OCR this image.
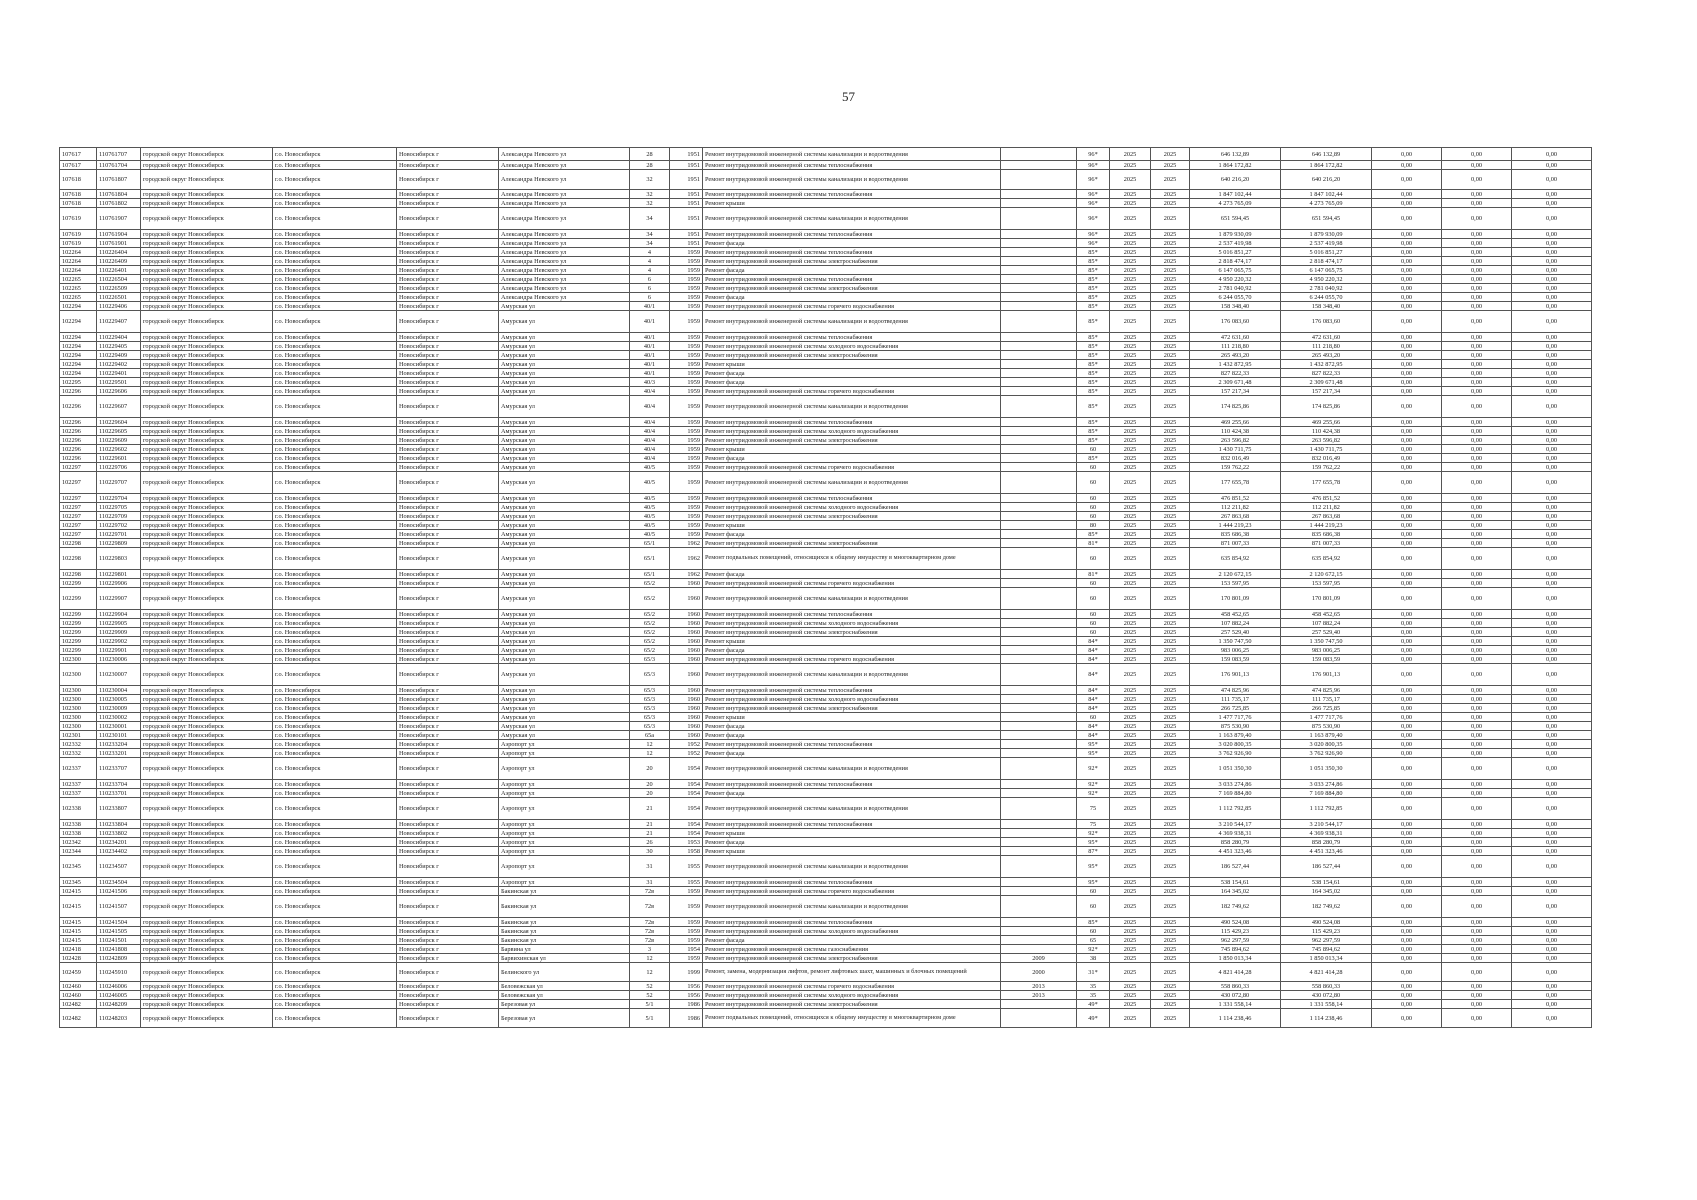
57
107617	110761707	городской округ Новосибирск	г.о. Новосибирск	Новосибирск г	Александра Невского ул	28	1951	Ремонт внутридомовой инженерной системы канализации и водоотведения		96*	2025	2025	646 132,89	646 132,89	0,00	0,00	0,00
107617	110761704	городской округ Новосибирск	г.о. Новосибирск	Новосибирск г	Александра Невского ул	28	1951	Ремонт внутридомовой инженерной системы теплоснабжения		96*	2025	2025	1 864 172,82	1 864 172,82	0,00	0,00	0,00
107618	110761807	городской округ Новосибирск	г.о. Новосибирск	Новосибирск г	Александра Невского ул	32	1951	Ремонт внутридомовой инженерной системы канализации и водоотведения		96*	2025	2025	640 216,20	640 216,20	0,00	0,00	0,00
107618	110761804	городской округ Новосибирск	г.о. Новосибирск	Новосибирск г	Александра Невского ул	32	1951	Ремонт внутридомовой инженерной системы теплоснабжения		96*	2025	2025	1 847 102,44	1 847 102,44	0,00	0,00	0,00
107618	110761802	городской округ Новосибирск	г.о. Новосибирск	Новосибирск г	Александра Невского ул	32	1951	Ремонт крыши		96*	2025	2025	4 273 765,09	4 273 765,09	0,00	0,00	0,00
107619	110761907	городской округ Новосибирск	г.о. Новосибирск	Новосибирск г	Александра Невского ул	34	1951	Ремонт внутридомовой инженерной системы канализации и водоотведения		96*	2025	2025	651 594,45	651 594,45	0,00	0,00	0,00
107619	110761904	городской округ Новосибирск	г.о. Новосибирск	Новосибирск г	Александра Невского ул	34	1951	Ремонт внутридомовой инженерной системы теплоснабжения		96*	2025	2025	1 879 930,09	1 879 930,09	0,00	0,00	0,00
107619	110761901	городской округ Новосибирск	г.о. Новосибирск	Новосибирск г	Александра Невского ул	34	1951	Ремонт фасада		96*	2025	2025	2 537 419,98	2 537 419,98	0,00	0,00	0,00
102264	110226404	городской округ Новосибирск	г.о. Новосибирск	Новосибирск г	Александра Невского ул	4	1959	Ремонт внутридомовой инженерной системы теплоснабжения		85*	2025	2025	5 016 851,27	5 016 851,27	0,00	0,00	0,00
102264	110226409	городской округ Новосибирск	г.о. Новосибирск	Новосибирск г	Александра Невского ул	4	1959	Ремонт внутридомовой инженерной системы электроснабжения		85*	2025	2025	2 818 474,17	2 818 474,17	0,00	0,00	0,00
102264	110226401	городской округ Новосибирск	г.о. Новосибирск	Новосибирск г	Александра Невского ул	4	1959	Ремонт фасада		85*	2025	2025	6 147 065,75	6 147 065,75	0,00	0,00	0,00
102265	110226504	городской округ Новосибирск	г.о. Новосибирск	Новосибирск г	Александра Невского ул	6	1959	Ремонт внутридомовой инженерной системы теплоснабжения		85*	2025	2025	4 950 220,32	4 950 220,32	0,00	0,00	0,00
102265	110226509	городской округ Новосибирск	г.о. Новосибирск	Новосибирск г	Александра Невского ул	6	1959	Ремонт внутридомовой инженерной системы электроснабжения		85*	2025	2025	2 781 040,92	2 781 040,92	0,00	0,00	0,00
102265	110226501	городской округ Новосибирск	г.о. Новосибирск	Новосибирск г	Александра Невского ул	6	1959	Ремонт фасада		85*	2025	2025	6 244 055,70	6 244 055,70	0,00	0,00	0,00
102294	110229406	городской округ Новосибирск	г.о. Новосибирск	Новосибирск г	Амурская ул	40/1	1959	Ремонт внутридомовой инженерной системы горячего водоснабжения		85*	2025	2025	158 348,40	158 348,40	0,00	0,00	0,00
102294	110229407	городской округ Новосибирск	г.о. Новосибирск	Новосибирск г	Амурская ул	40/1	1959	Ремонт внутридомовой инженерной системы канализации и водоотведения		85*	2025	2025	176 083,60	176 083,60	0,00	0,00	0,00
102294	110229404	городской округ Новосибирск	г.о. Новосибирск	Новосибирск г	Амурская ул	40/1	1959	Ремонт внутридомовой инженерной системы теплоснабжения		85*	2025	2025	472 631,60	472 631,60	0,00	0,00	0,00
102294	110229405	городской округ Новосибирск	г.о. Новосибирск	Новосибирск г	Амурская ул	40/1	1959	Ремонт внутридомовой инженерной системы холодного водоснабжения		85*	2025	2025	111 218,80	111 218,80	0,00	0,00	0,00
102294	110229409	городской округ Новосибирск	г.о. Новосибирск	Новосибирск г	Амурская ул	40/1	1959	Ремонт внутридомовой инженерной системы электроснабжения		85*	2025	2025	265 493,20	265 493,20	0,00	0,00	0,00
102294	110229402	городской округ Новосибирск	г.о. Новосибирск	Новосибирск г	Амурская ул	40/1	1959	Ремонт крыши		85*	2025	2025	1 432 872,95	1 432 872,95	0,00	0,00	0,00
102294	110229401	городской округ Новосибирск	г.о. Новосибирск	Новосибирск г	Амурская ул	40/1	1959	Ремонт фасада		85*	2025	2025	827 822,33	827 822,33	0,00	0,00	0,00
102295	110229501	городской округ Новосибирск	г.о. Новосибирск	Новосибирск г	Амурская ул	40/3	1959	Ремонт фасада		85*	2025	2025	2 309 671,48	2 309 671,48	0,00	0,00	0,00
102296	110229606	городской округ Новосибирск	г.о. Новосибирск	Новосибирск г	Амурская ул	40/4	1959	Ремонт внутридомовой инженерной системы горячего водоснабжения		85*	2025	2025	157 217,34	157 217,34	0,00	0,00	0,00
102296	110229607	городской округ Новосибирск	г.о. Новосибирск	Новосибирск г	Амурская ул	40/4	1959	Ремонт внутридомовой инженерной системы канализации и водоотведения		85*	2025	2025	174 825,86	174 825,86	0,00	0,00	0,00
102296	110229604	городской округ Новосибирск	г.о. Новосибирск	Новосибирск г	Амурская ул	40/4	1959	Ремонт внутридомовой инженерной системы теплоснабжения		85*	2025	2025	469 255,66	469 255,66	0,00	0,00	0,00
102296	110229605	городской округ Новосибирск	г.о. Новосибирск	Новосибирск г	Амурская ул	40/4	1959	Ремонт внутридомовой инженерной системы холодного водоснабжения		85*	2025	2025	110 424,38	110 424,38	0,00	0,00	0,00
102296	110229609	городской округ Новосибирск	г.о. Новосибирск	Новосибирск г	Амурская ул	40/4	1959	Ремонт внутридомовой инженерной системы электроснабжения		85*	2025	2025	263 596,82	263 596,82	0,00	0,00	0,00
102296	110229602	городской округ Новосибирск	г.о. Новосибирск	Новосибирск г	Амурская ул	40/4	1959	Ремонт крыши		60	2025	2025	1 430 711,75	1 430 711,75	0,00	0,00	0,00
102296	110229601	городской округ Новосибирск	г.о. Новосибирск	Новосибирск г	Амурская ул	40/4	1959	Ремонт фасада		85*	2025	2025	832 016,49	832 016,49	0,00	0,00	0,00
102297	110229706	городской округ Новосибирск	г.о. Новосибирск	Новосибирск г	Амурская ул	40/5	1959	Ремонт внутридомовой инженерной системы горячего водоснабжения		60	2025	2025	159 762,22	159 762,22	0,00	0,00	0,00
102297	110229707	городской округ Новосибирск	г.о. Новосибирск	Новосибирск г	Амурская ул	40/5	1959	Ремонт внутридомовой инженерной системы канализации и водоотведения		60	2025	2025	177 655,78	177 655,78	0,00	0,00	0,00
102297	110229704	городской округ Новосибирск	г.о. Новосибирск	Новосибирск г	Амурская ул	40/5	1959	Ремонт внутридомовой инженерной системы теплоснабжения		60	2025	2025	476 851,52	476 851,52	0,00	0,00	0,00
102297	110229705	городской округ Новосибирск	г.о. Новосибирск	Новосибирск г	Амурская ул	40/5	1959	Ремонт внутридомовой инженерной системы холодного водоснабжения		60	2025	2025	112 211,82	112 211,82	0,00	0,00	0,00
102297	110229709	городской округ Новосибирск	г.о. Новосибирск	Новосибирск г	Амурская ул	40/5	1959	Ремонт внутридомовой инженерной системы электроснабжения		60	2025	2025	267 863,68	267 863,68	0,00	0,00	0,00
102297	110229702	городской округ Новосибирск	г.о. Новосибирск	Новосибирск г	Амурская ул	40/5	1959	Ремонт крыши		80	2025	2025	1 444 219,23	1 444 219,23	0,00	0,00	0,00
102297	110229701	городской округ Новосибирск	г.о. Новосибирск	Новосибирск г	Амурская ул	40/5	1959	Ремонт фасада		85*	2025	2025	835 686,38	835 686,38	0,00	0,00	0,00
102298	110229809	городской округ Новосибирск	г.о. Новосибирск	Новосибирск г	Амурская ул	65/1	1962	Ремонт внутридомовой инженерной системы электроснабжения		81*	2025	2025	871 007,33	871 007,33	0,00	0,00	0,00
102298	110229803	городской округ Новосибирск	г.о. Новосибирск	Новосибирск г	Амурская ул	65/1	1962	Ремонт подвальных помещений, относящихся к общему имуществу в многоквартирном доме		60	2025	2025	635 854,92	635 854,92	0,00	0,00	0,00
102298	110229801	городской округ Новосибирск	г.о. Новосибирск	Новосибирск г	Амурская ул	65/1	1962	Ремонт фасада		81*	2025	2025	2 120 672,15	2 120 672,15	0,00	0,00	0,00
102299	110229906	городской округ Новосибирск	г.о. Новосибирск	Новосибирск г	Амурская ул	65/2	1960	Ремонт внутридомовой инженерной системы горячего водоснабжения		60	2025	2025	153 597,95	153 597,95	0,00	0,00	0,00
102299	110229907	городской округ Новосибирск	г.о. Новосибирск	Новосибирск г	Амурская ул	65/2	1960	Ремонт внутридомовой инженерной системы канализации и водоотведения		60	2025	2025	170 801,09	170 801,09	0,00	0,00	0,00
102299	110229904	городской округ Новосибирск	г.о. Новосибирск	Новосибирск г	Амурская ул	65/2	1960	Ремонт внутридомовой инженерной системы теплоснабжения		60	2025	2025	458 452,65	458 452,65	0,00	0,00	0,00
102299	110229905	городской округ Новосибирск	г.о. Новосибирск	Новосибирск г	Амурская ул	65/2	1960	Ремонт внутридомовой инженерной системы холодного водоснабжения		60	2025	2025	107 882,24	107 882,24	0,00	0,00	0,00
102299	110229909	городской округ Новосибирск	г.о. Новосибирск	Новосибирск г	Амурская ул	65/2	1960	Ремонт внутридомовой инженерной системы электроснабжения		60	2025	2025	257 529,40	257 529,40	0,00	0,00	0,00
102299	110229902	городской округ Новосибирск	г.о. Новосибирск	Новосибирск г	Амурская ул	65/2	1960	Ремонт крыши		84*	2025	2025	1 350 747,50	1 350 747,50	0,00	0,00	0,00
102299	110229901	городской округ Новосибирск	г.о. Новосибирск	Новосибирск г	Амурская ул	65/2	1960	Ремонт фасада		84*	2025	2025	983 006,25	983 006,25	0,00	0,00	0,00
102300	110230006	городской округ Новосибирск	г.о. Новосибирск	Новосибирск г	Амурская ул	65/3	1960	Ремонт внутридомовой инженерной системы горячего водоснабжения		84*	2025	2025	159 083,59	159 083,59	0,00	0,00	0,00
102300	110230007	городской округ Новосибирск	г.о. Новосибирск	Новосибирск г	Амурская ул	65/3	1960	Ремонт внутридомовой инженерной системы канализации и водоотведения		84*	2025	2025	176 901,13	176 901,13	0,00	0,00	0,00
102300	110230004	городской округ Новосибирск	г.о. Новосибирск	Новосибирск г	Амурская ул	65/3	1960	Ремонт внутридомовой инженерной системы теплоснабжения		84*	2025	2025	474 825,96	474 825,96	0,00	0,00	0,00
102300	110230005	городской округ Новосибирск	г.о. Новосибирск	Новосибирск г	Амурская ул	65/3	1960	Ремонт внутридомовой инженерной системы холодного водоснабжения		84*	2025	2025	111 735,17	111 735,17	0,00	0,00	0,00
102300	110230009	городской округ Новосибирск	г.о. Новосибирск	Новосибирск г	Амурская ул	65/3	1960	Ремонт внутридомовой инженерной системы электроснабжения		84*	2025	2025	266 725,85	266 725,85	0,00	0,00	0,00
102300	110230002	городской округ Новосибирск	г.о. Новосибирск	Новосибирск г	Амурская ул	65/3	1960	Ремонт крыши		60	2025	2025	1 477 717,76	1 477 717,76	0,00	0,00	0,00
102300	110230001	городской округ Новосибирск	г.о. Новосибирск	Новосибирск г	Амурская ул	65/3	1960	Ремонт фасада		84*	2025	2025	875 530,90	875 530,90	0,00	0,00	0,00
102301	110230101	городской округ Новосибирск	г.о. Новосибирск	Новосибирск г	Амурская ул	65а	1960	Ремонт фасада		84*	2025	2025	1 163 879,40	1 163 879,40	0,00	0,00	0,00
102332	110233204	городской округ Новосибирск	г.о. Новосибирск	Новосибирск г	Аэропорт ул	12	1952	Ремонт внутридомовой инженерной системы теплоснабжения		95*	2025	2025	3 020 800,35	3 020 800,35	0,00	0,00	0,00
102332	110233201	городской округ Новосибирск	г.о. Новосибирск	Новосибирск г	Аэропорт ул	12	1952	Ремонт фасада		95*	2025	2025	3 762 926,90	3 762 926,90	0,00	0,00	0,00
102337	110233707	городской округ Новосибирск	г.о. Новосибирск	Новосибирск г	Аэропорт ул	20	1954	Ремонт внутридомовой инженерной системы канализации и водоотведения		92*	2025	2025	1 051 350,30	1 051 350,30	0,00	0,00	0,00
102337	110233704	городской округ Новосибирск	г.о. Новосибирск	Новосибирск г	Аэропорт ул	20	1954	Ремонт внутридомовой инженерной системы теплоснабжения		92*	2025	2025	3 033 274,86	3 033 274,86	0,00	0,00	0,00
102337	110233701	городской округ Новосибирск	г.о. Новосибирск	Новосибирск г	Аэропорт ул	20	1954	Ремонт фасада		92*	2025	2025	7 169 884,80	7 169 884,80	0,00	0,00	0,00
102338	110233807	городской округ Новосибирск	г.о. Новосибирск	Новосибирск г	Аэропорт ул	21	1954	Ремонт внутридомовой инженерной системы канализации и водоотведения		75	2025	2025	1 112 792,85	1 112 792,85	0,00	0,00	0,00
102338	110233804	городской округ Новосибирск	г.о. Новосибирск	Новосибирск г	Аэропорт ул	21	1954	Ремонт внутридомовой инженерной системы теплоснабжения		75	2025	2025	3 210 544,17	3 210 544,17	0,00	0,00	0,00
102338	110233802	городской округ Новосибирск	г.о. Новосибирск	Новосибирск г	Аэропорт ул	21	1954	Ремонт крыши		92*	2025	2025	4 369 938,31	4 369 938,31	0,00	0,00	0,00
102342	110234201	городской округ Новосибирск	г.о. Новосибирск	Новосибирск г	Аэропорт ул	26	1953	Ремонт фасада		95*	2025	2025	858 280,79	858 280,79	0,00	0,00	0,00
102344	110234402	городской округ Новосибирск	г.о. Новосибирск	Новосибирск г	Аэропорт ул	30	1958	Ремонт крыши		87*	2025	2025	4 451 323,46	4 451 323,46	0,00	0,00	0,00
102345	110234507	городской округ Новосибирск	г.о. Новосибирск	Новосибирск г	Аэропорт ул	31	1955	Ремонт внутридомовой инженерной системы канализации и водоотведения		95*	2025	2025	186 527,44	186 527,44	0,00	0,00	0,00
102345	110234504	городской округ Новосибирск	г.о. Новосибирск	Новосибирск г	Аэропорт ул	31	1955	Ремонт внутридомовой инженерной системы теплоснабжения		95*	2025	2025	538 154,61	538 154,61	0,00	0,00	0,00
102415	110241506	городской округ Новосибирск	г.о. Новосибирск	Новосибирск г	Бакинская ул	72в	1959	Ремонт внутридомовой инженерной системы горячего водоснабжения		60	2025	2025	164 345,02	164 345,02	0,00	0,00	0,00
102415	110241507	городской округ Новосибирск	г.о. Новосибирск	Новосибирск г	Бакинская ул	72в	1959	Ремонт внутридомовой инженерной системы канализации и водоотведения		60	2025	2025	182 749,62	182 749,62	0,00	0,00	0,00
102415	110241504	городской округ Новосибирск	г.о. Новосибирск	Новосибирск г	Бакинская ул	72в	1959	Ремонт внутридомовой инженерной системы теплоснабжения		85*	2025	2025	490 524,08	490 524,08	0,00	0,00	0,00
102415	110241505	городской округ Новосибирск	г.о. Новосибирск	Новосибирск г	Бакинская ул	72в	1959	Ремонт внутридомовой инженерной системы холодного водоснабжения		60	2025	2025	115 429,23	115 429,23	0,00	0,00	0,00
102415	110241501	городской округ Новосибирск	г.о. Новосибирск	Новосибирск г	Бакинская ул	72в	1959	Ремонт фасада		65	2025	2025	962 297,59	962 297,59	0,00	0,00	0,00
102418	110241808	городской округ Новосибирск	г.о. Новосибирск	Новосибирск г	Барвина ул	3	1954	Ремонт внутридомовой инженерной системы газоснабжения		92*	2025	2025	745 894,62	745 894,62	0,00	0,00	0,00
102428	110242809	городской округ Новосибирск	г.о. Новосибирск	Новосибирск г	Барвихинская ул	12	1959	Ремонт внутридомовой инженерной системы электроснабжения	2009	38	2025	2025	1 850 013,34	1 850 013,34	0,00	0,00	0,00
102459	110245910	городской округ Новосибирск	г.о. Новосибирск	Новосибирск г	Белинского ул	12	1999	Ремонт, замена, модернизация лифтов, ремонт лифтовых шахт, машинных и блочных помещений	2000	31*	2025	2025	4 821 414,28	4 821 414,28	0,00	0,00	0,00
102460	110246006	городской округ Новосибирск	г.о. Новосибирск	Новосибирск г	Беловежская ул	52	1956	Ремонт внутридомовой инженерной системы горячего водоснабжения	2013	35	2025	2025	558 860,33	558 860,33	0,00	0,00	0,00
102460	110246005	городской округ Новосибирск	г.о. Новосибирск	Новосибирск г	Беловежская ул	52	1956	Ремонт внутридомовой инженерной системы холодного водоснабжения	2013	35	2025	2025	430 072,80	430 072,80	0,00	0,00	0,00
102482	110248209	городской округ Новосибирск	г.о. Новосибирск	Новосибирск г	Березовая ул	5/1	1986	Ремонт внутридомовой инженерной системы электроснабжения		49*	2025	2025	1 331 558,14	1 331 558,14	0,00	0,00	0,00
102482	110248203	городской округ Новосибирск	г.о. Новосибирск	Новосибирск г	Березовая ул	5/1	1986	Ремонт подвальных помещений, относящихся к общему имуществу в многоквартирном доме		49*	2025	2025	1 114 238,46	1 114 238,46	0,00	0,00	0,00
